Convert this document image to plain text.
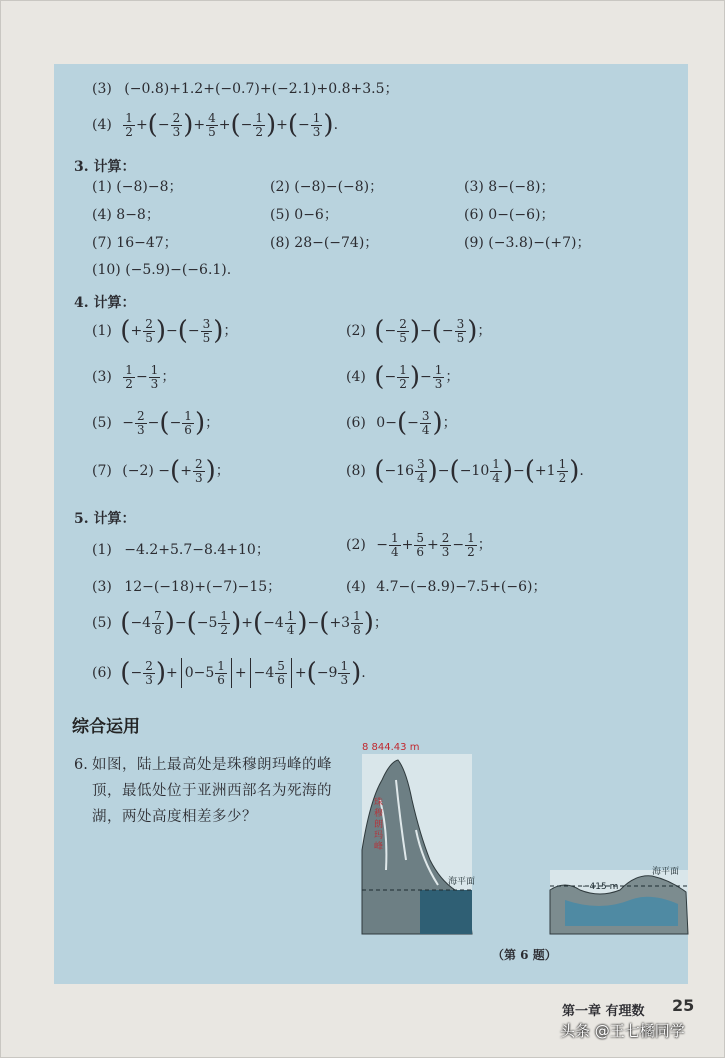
(3) (−0.8)+1.2+(−0.7)+(−2.1)+0.8+3.5；
$(4) \frac{1}{2}$ +(− $\frac{2}{3}$ )+ $\frac{4}{5}$ +(− $\frac{1}{2}$ )+(− $\frac{1}{3}$ ).
3. 计算：
(1) (−8)−8；	(2) (−8)−(−8)；	(3) 8−(−8)；
(4) 8−8；	(5) 0−6；	(6) 0−(−6)；
(7) 16−47；	(8) 28−(−74)；	(9) (−3.8)−(+7)；
(10) (−5.9)−(−6.1).
4. 计算：
(1) (+ $\frac{2}{5}$ )−(− $\frac{3}{5}$ )；	(2) (− $\frac{2}{5}$ )−(− $\frac{3}{5}$ )；
$(3) \frac{1}{2} - \frac{1}{3}$ ；	(4) (− $\frac{1}{2}$ )− $\frac{1}{3}$ ；
$(5) - \frac{2}{3}$ −(− $\frac{1}{6}$ )；	(6) $0-(- \frac{3}{4}$ )；
(7) (−2) −(+ $\frac{2}{3}$ )；	(8) $(-16 \frac{3}{4} )-(-10 \frac{1}{4} )-(+1 \frac{1}{2}$ ).
5. 计算：
(1) −4.2+5.7−8.4+10；	$(2) - \frac{1}{4} + \frac{5}{6} + \frac{2}{3} - \frac{1}{2}$ ；
(3) 12−(−18)+(−7)−15；	(4) 4.7−(−8.9)−7.5+(−6)；
(5) $(-4 \frac{7}{8} )-(-5 \frac{1}{2} )+(-4 \frac{1}{4} )-(+3 \frac{1}{8}$ )；
(6) (− $\frac{2}{3}$ )+ $0-5 \frac{1}{6} + -4 \frac{5}{6} +(-9 \frac{1}{3}$ ).
综合运用
6. 如图，陆上最高处是珠穆朗玛峰的峰顶，最低处位于亚洲西部名为死海的湖，两处高度相差多少？
8 844.43 m
珠穆朗玛峰
海平面
海平面
−415 m
（第 6 题）
第一章 有理数 25
头条 @王七橘同学
